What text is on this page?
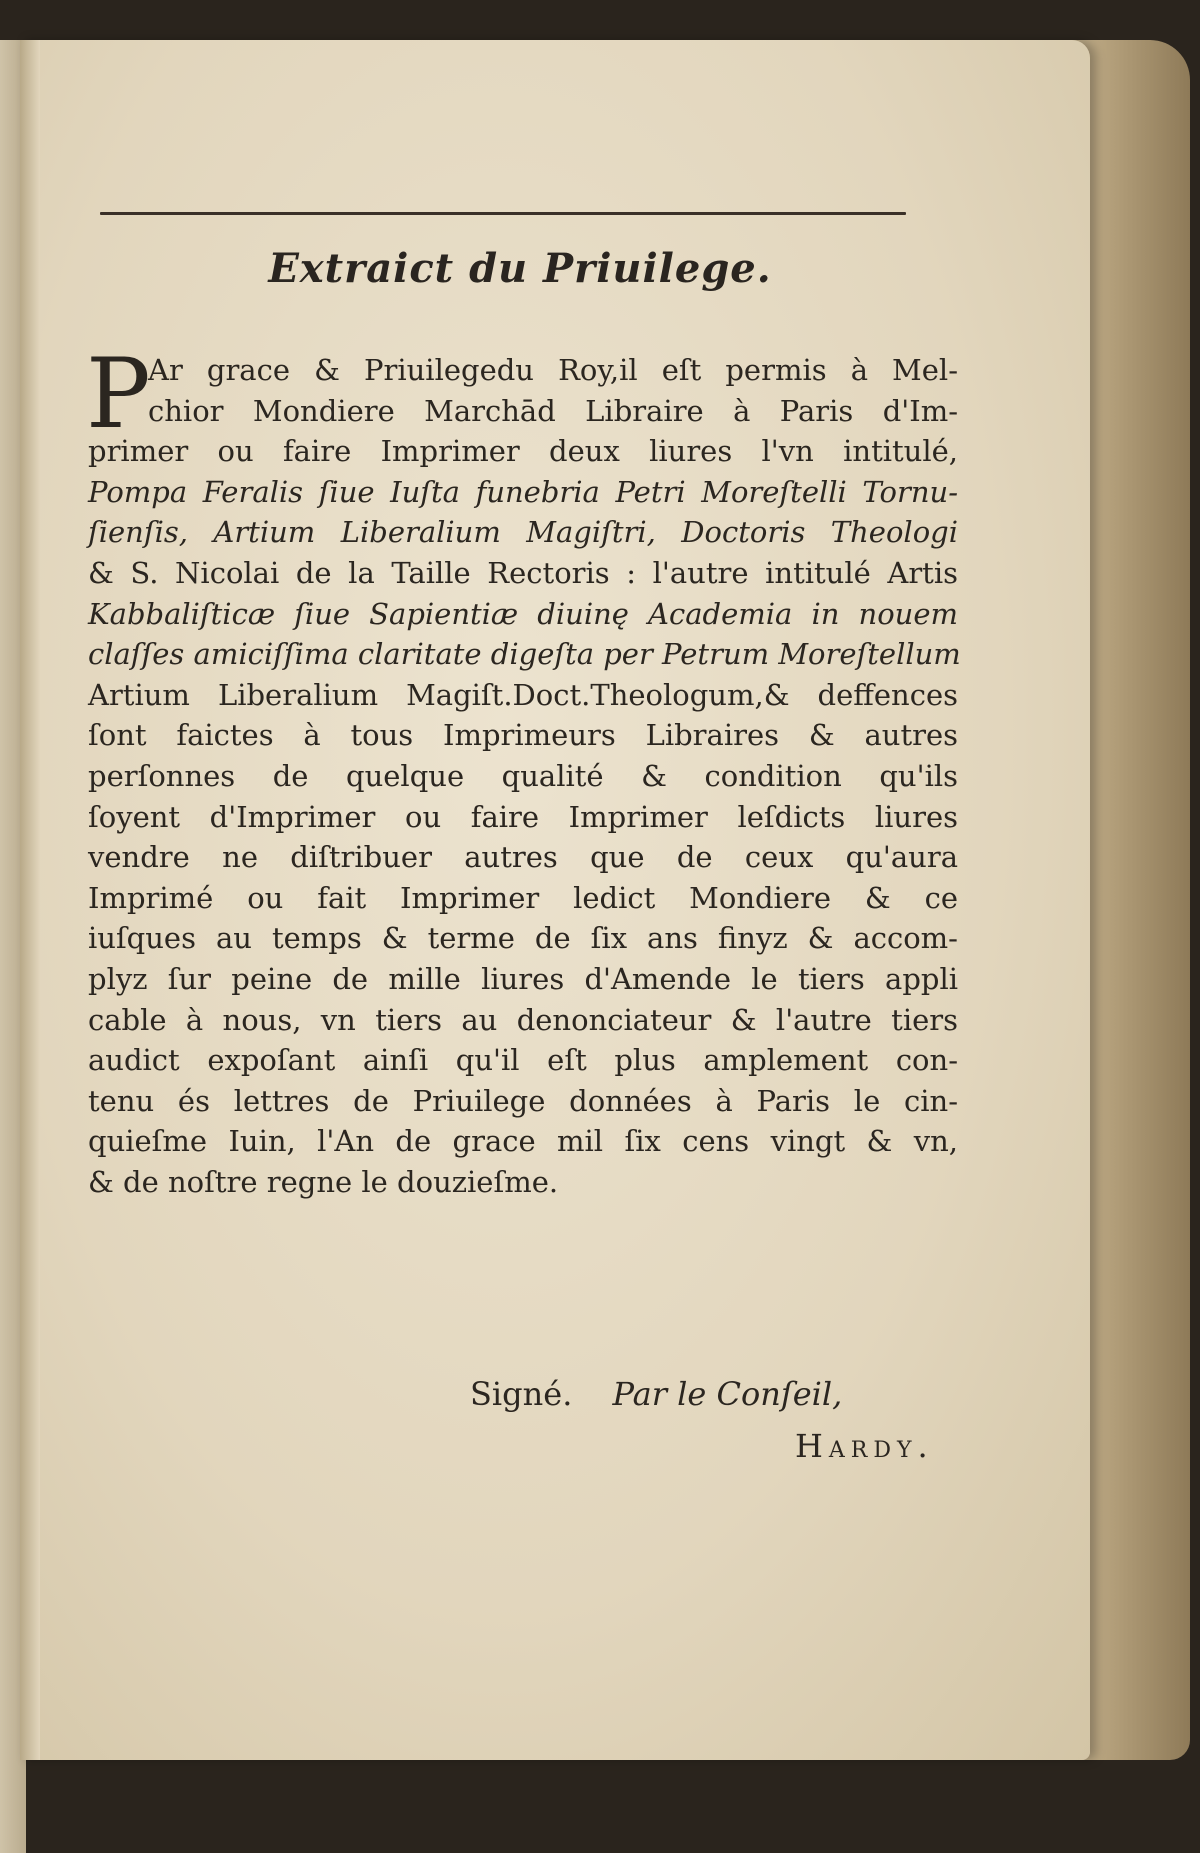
Extraict du Priuilege.
P
Ar grace & Priuilegedu Roy,il eſt permis à Mel-
chior Mondiere Marchād Libraire à Paris d'Im-
primer ou faire Imprimer deux liures l'vn intitulé,
Pompa Feralis ſiue Iuſta funebria Petri Moreſtelli Tornu-
ſienſis, Artium Liberalium Magiſtri, Doctoris Theologi
& S. Nicolai de la Taille Rectoris : l'autre intitulé Artis
Kabbaliſticæ ſiue Sapientiæ diuinę Academia in nouem
claſſes amiciſſima claritate digeſta per Petrum Moreſtellum
Artium Liberalium Magiſt.Doct.Theologum,& deffences
ſont faictes à tous Imprimeurs Libraires & autres
perſonnes de quelque qualité & condition qu'ils
ſoyent d'Imprimer ou faire Imprimer leſdicts liures
vendre ne diſtribuer autres que de ceux qu'aura
Imprimé ou fait Imprimer ledict Mondiere & ce
iuſques au temps & terme de ſix ans finyz & accom-
plyz ſur peine de mille liures d'Amende le tiers appli
cable à nous, vn tiers au denonciateur & l'autre tiers
audict expoſant ainſi qu'il eſt plus amplement con-
tenu és lettres de Priuilege données à Paris le cin-
quieſme Iuin, l'An de grace mil ſix cens vingt & vn,
& de noſtre regne le douzieſme.
Signé. Par le Conſeil,
Hardy.
